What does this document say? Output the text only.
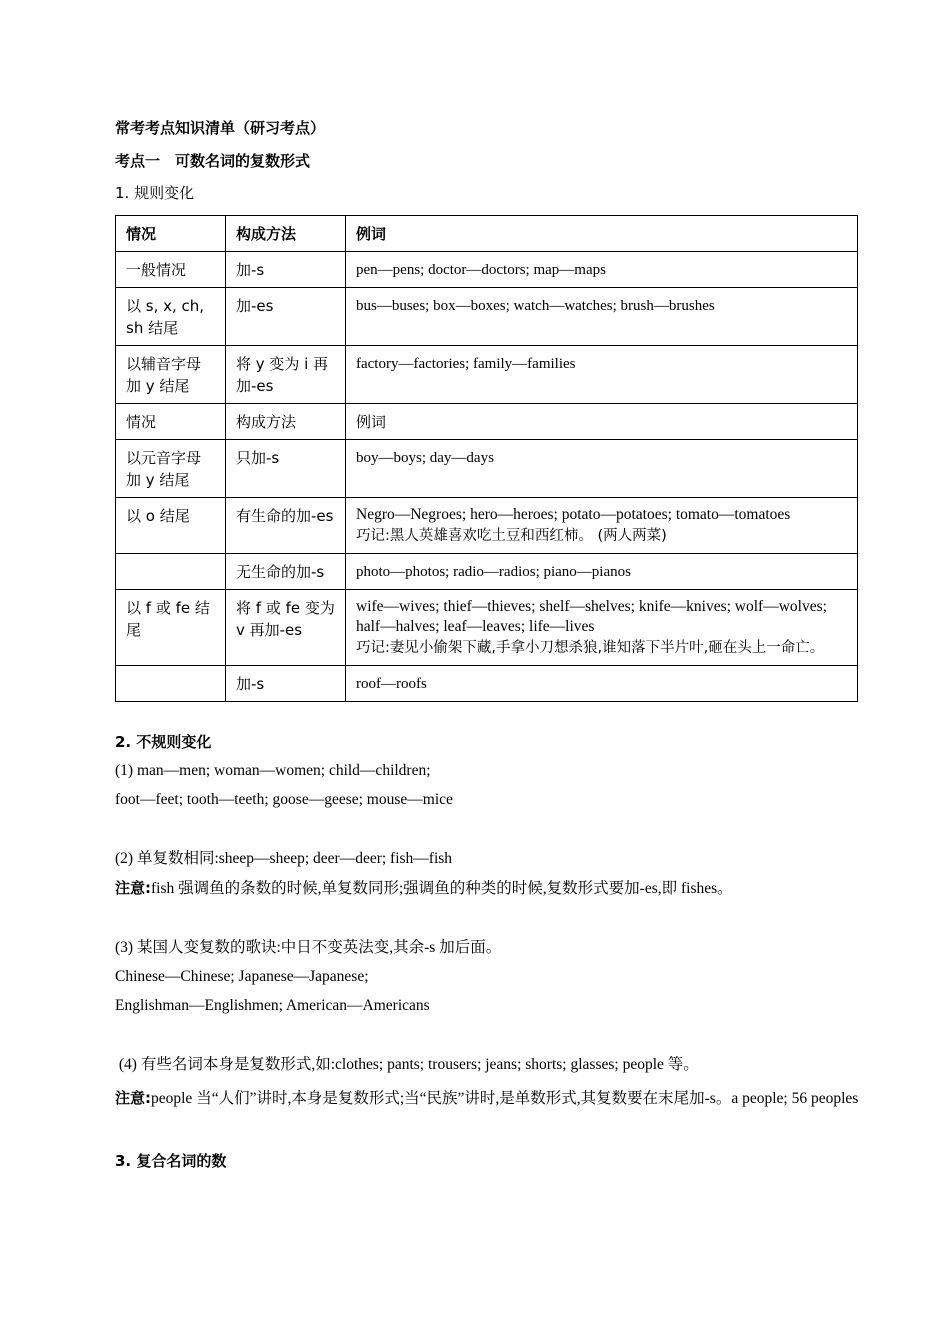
常考考点知识清单（研习考点）

考点一　可数名词的复数形式

1. 规则变化

情况	构成方法	例词
一般情况	加-s	pen—pens; doctor—doctors; map—maps
以 s, x, ch, sh 结尾	加-es	bus—buses; box—boxes; watch—watches; brush—brushes
以辅音字母加 y 结尾	将 y 变为 i 再加-es	factory—factories; family—families
情况	构成方法	例词
以元音字母加 y 结尾	只加-s	boy—boys; day—days
以 o 结尾	有生命的加-es	Negro—Negroes; hero—heroes; potato—potatoes; tomato—tomatoes
巧记:黑人英雄喜欢吃土豆和西红柿。 (两人两菜)

	无生命的加-s	photo—photos; radio—radios; piano—pianos
以 f 或 fe 结尾	将 f 或 fe 变为 v 再加-es	wife—wives; thief—thieves; shelf—shelves; knife—knives; wolf—wolves; half—halves; leaf—leaves; life—lives
巧记:妻见小偷架下藏,手拿小刀想杀狼,谁知落下半片叶,砸在头上一命亡。

	加-s	roof—roofs

2. 不规则变化

(1) man—men; woman—women; child—children;

foot—feet; tooth—teeth; goose—geese; mouse—mice

(2) 单复数相同:sheep—sheep; deer—deer; fish—fish

注意:fish 强调鱼的条数的时候,单复数同形;强调鱼的种类的时候,复数形式要加-es,即 fishes。

(3) 某国人变复数的歌诀:中日不变英法变,其余-s 加后面。

Chinese—Chinese; Japanese—Japanese;

Englishman—Englishmen; American—Americans

(4) 有些名词本身是复数形式,如:clothes; pants; trousers; jeans; shorts; glasses; people 等。

注意:people 当“人们”讲时,本身是复数形式;当“民族”讲时,是单数形式,其复数要在末尾加-s。a people; 56 peoples

3. 复合名词的数
